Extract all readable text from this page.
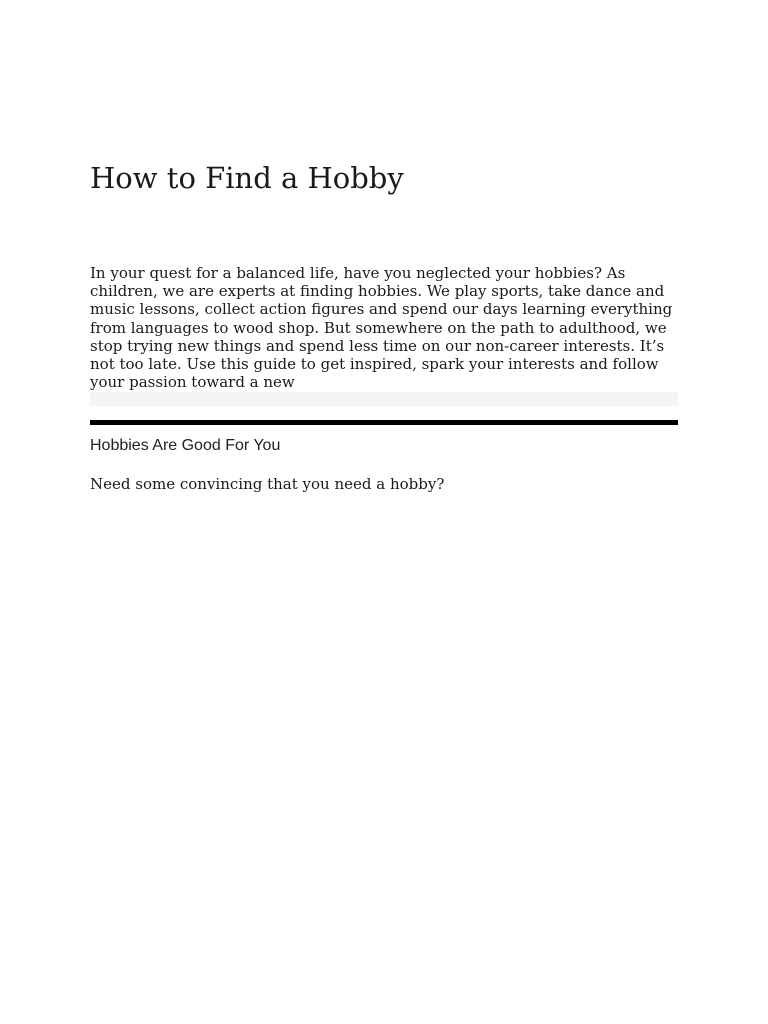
How to Find a Hobby

In your quest for a balanced life, have you neglected your hobbies? As children, we are experts at finding hobbies. We play sports, take dance and music lessons, collect action figures and spend our days learning everything from languages to wood shop. But somewhere on the path to adulthood, we stop trying new things and spend less time on our non-career interests. It’s not too late. Use this guide to get inspired, spark your interests and follow your passion toward a new

Hobbies Are Good For You

Need some convincing that you need a hobby?
